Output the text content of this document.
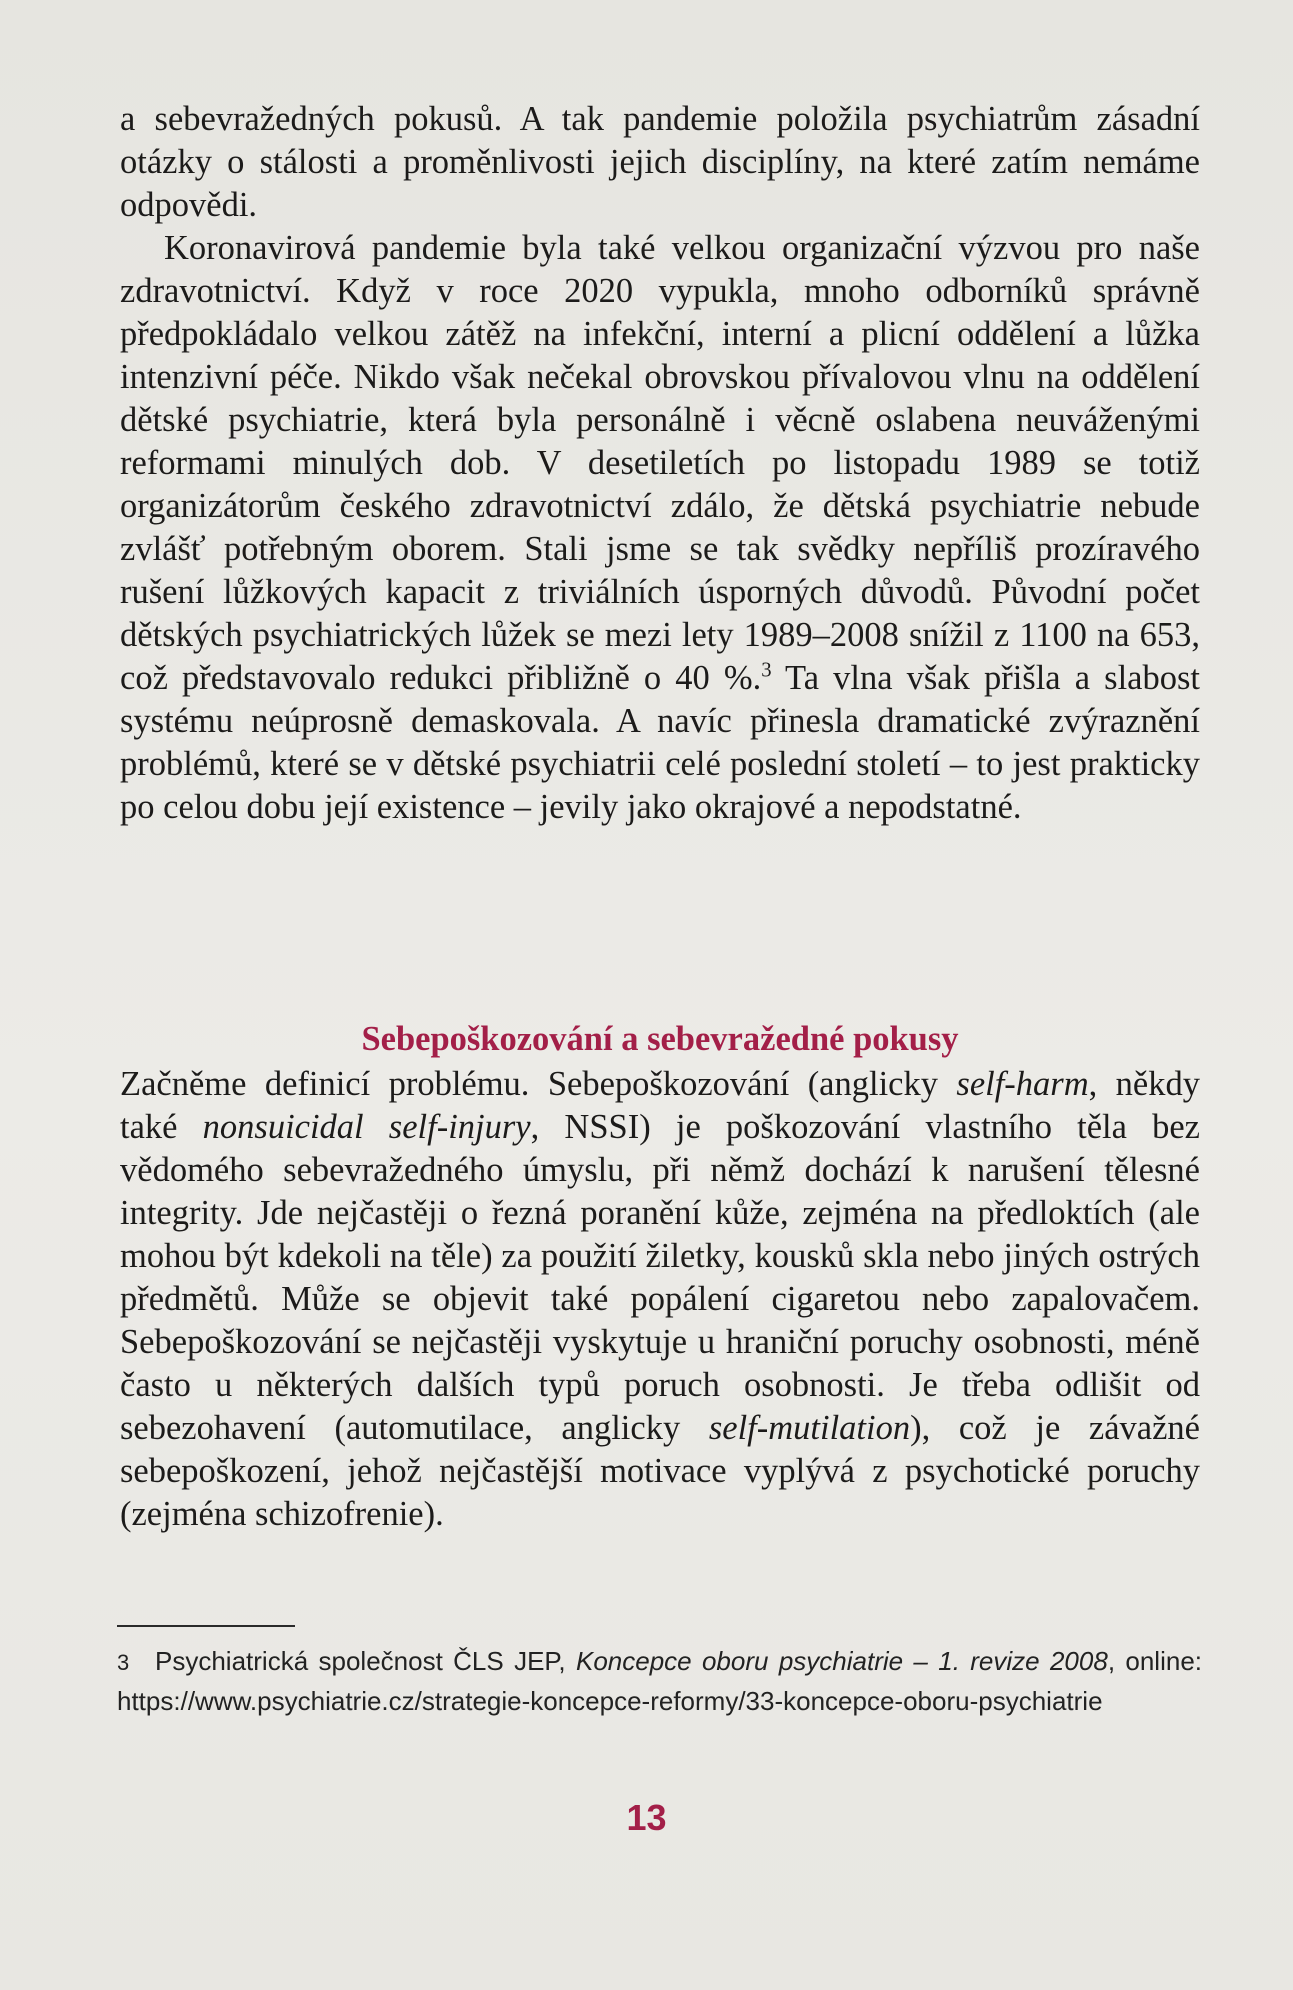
a sebevražedných pokusů. A tak pandemie položila psychiatrům zásadní otázky o stálosti a proměnlivosti jejich disciplíny, na které zatím nemáme odpovědi.

Koronavirová pandemie byla také velkou organizační výzvou pro naše zdravotnictví. Když v roce 2020 vypukla, mnoho odborníků správně předpokládalo velkou zátěž na infekční, interní a plicní oddělení a lůžka intenzivní péče. Nikdo však nečekal obrovskou přívalovou vlnu na oddělení dětské psychiatrie, která byla personálně i věcně oslabena neuváženými reformami minulých dob. V desetiletích po listopadu 1989 se totiž organizátorům českého zdravotnictví zdálo, že dětská psychiatrie nebude zvlášť potřebným oborem. Stali jsme se tak svědky nepříliš prozíravého rušení lůžkových kapacit z triviálních úsporných důvodů. Původní počet dětských psychiatrických lůžek se mezi lety 1989–2008 snížil z 1100 na 653, což představovalo redukci přibližně o 40 %.$^3$ Ta vlna však přišla a slabost systému neúprosně demaskovala. A navíc přinesla dramatické zvýraznění problémů, které se v dětské psychiatrii celé poslední století – to jest prakticky po celou dobu její existence – jevily jako okrajové a nepodstatné.

Sebepoškozování a sebevražedné pokusy

Začněme definicí problému. Sebepoškozování (anglicky self-harm, někdy také nonsuicidal self-injury, NSSI) je poškozování vlastního těla bez vědomého sebevražedného úmyslu, při němž dochází k narušení tělesné integrity. Jde nejčastěji o řezná poranění kůže, zejména na předloktích (ale mohou být kdekoli na těle) za použití žiletky, kousků skla nebo jiných ostrých předmětů. Může se objevit také popálení cigaretou nebo zapalovačem. Sebepoškozování se nejčastěji vyskytuje u hraniční poruchy osobnosti, méně často u některých dalších typů poruch osobnosti. Je třeba odlišit od sebezohavení (automutilace, anglicky self-mutilation), což je závažné sebepoškození, jehož nejčastější motivace vyplývá z psychotické poruchy (zejména schizofrenie).

3 Psychiatrická společnost ČLS JEP, Koncepce oboru psychiatrie – 1. revize 2008, online: https://www.psychiatrie.cz/strategie-koncepce-reformy/33-koncepce-oboru-psychiatrie
13
